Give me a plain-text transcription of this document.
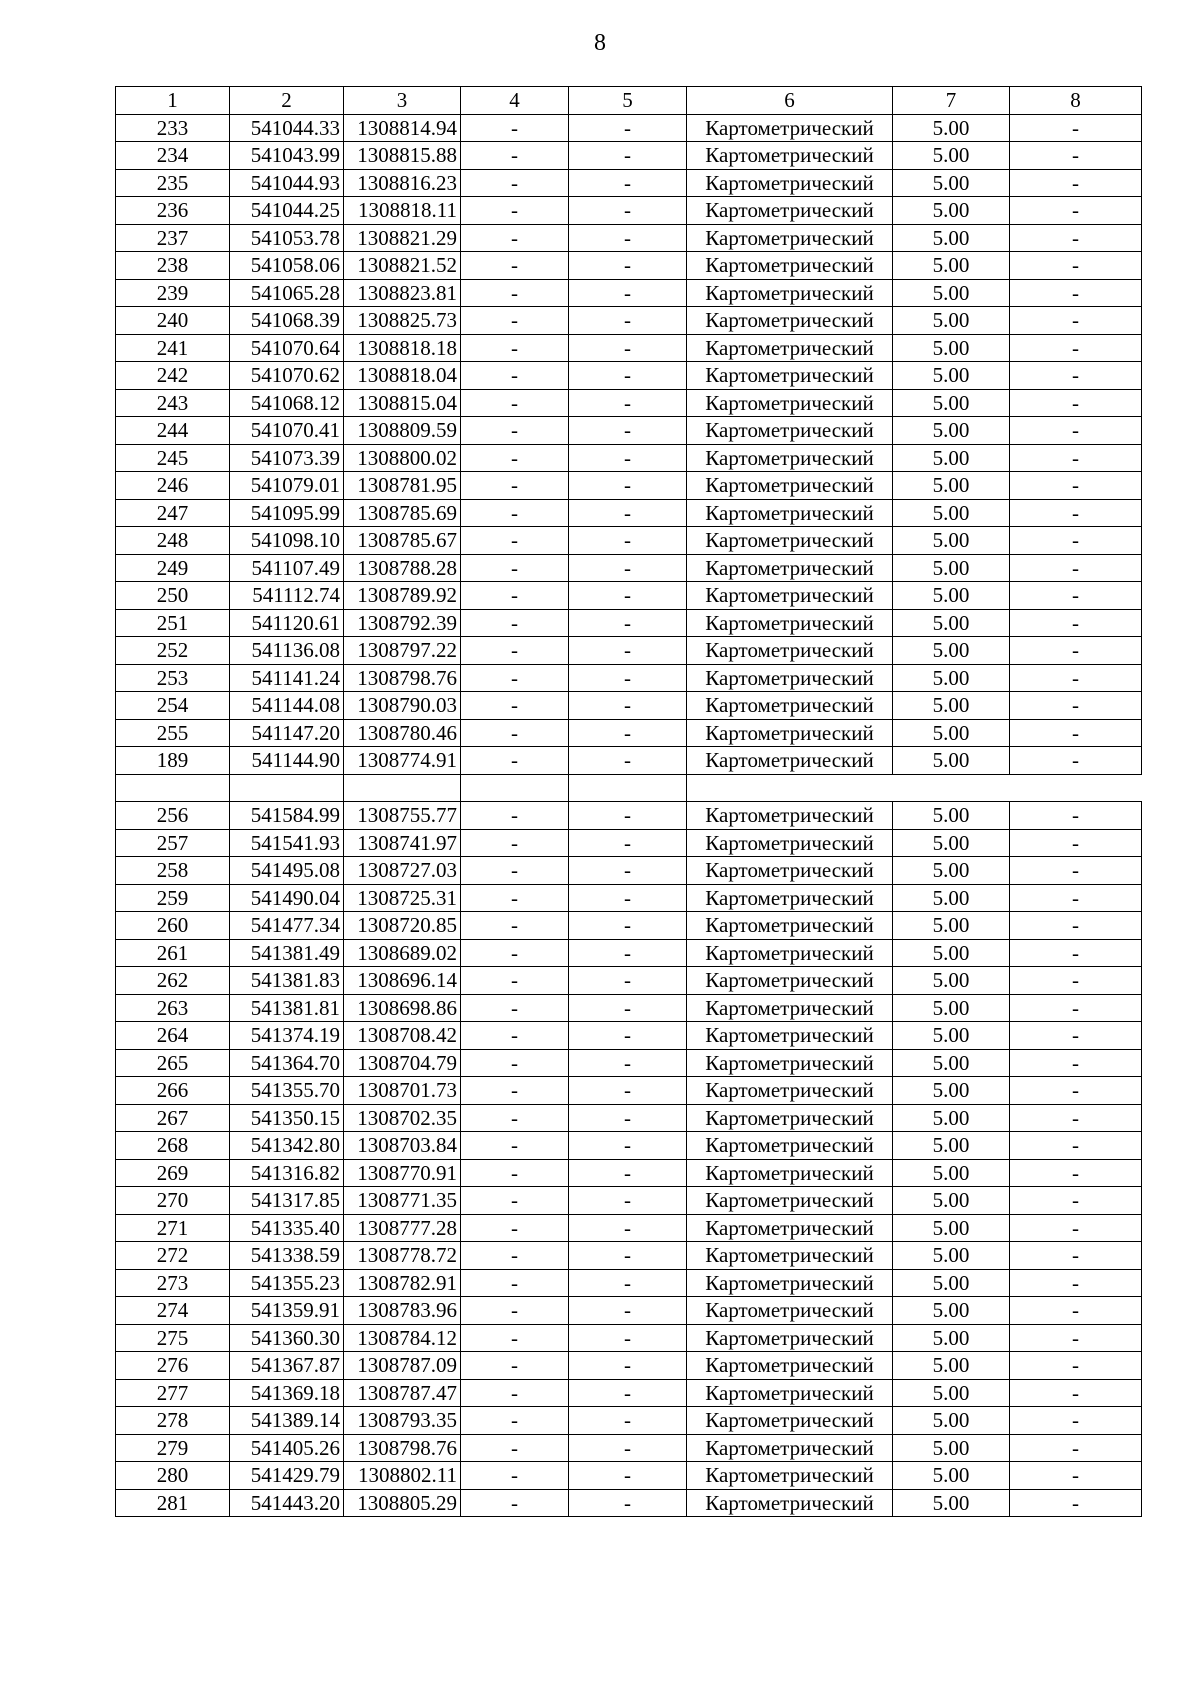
8
1	2	3	4	5	6	7	8
233	541044.33	1308814.94	-	-	Картометрический	5.00	-
234	541043.99	1308815.88	-	-	Картометрический	5.00	-
235	541044.93	1308816.23	-	-	Картометрический	5.00	-
236	541044.25	1308818.11	-	-	Картометрический	5.00	-
237	541053.78	1308821.29	-	-	Картометрический	5.00	-
238	541058.06	1308821.52	-	-	Картометрический	5.00	-
239	541065.28	1308823.81	-	-	Картометрический	5.00	-
240	541068.39	1308825.73	-	-	Картометрический	5.00	-
241	541070.64	1308818.18	-	-	Картометрический	5.00	-
242	541070.62	1308818.04	-	-	Картометрический	5.00	-
243	541068.12	1308815.04	-	-	Картометрический	5.00	-
244	541070.41	1308809.59	-	-	Картометрический	5.00	-
245	541073.39	1308800.02	-	-	Картометрический	5.00	-
246	541079.01	1308781.95	-	-	Картометрический	5.00	-
247	541095.99	1308785.69	-	-	Картометрический	5.00	-
248	541098.10	1308785.67	-	-	Картометрический	5.00	-
249	541107.49	1308788.28	-	-	Картометрический	5.00	-
250	541112.74	1308789.92	-	-	Картометрический	5.00	-
251	541120.61	1308792.39	-	-	Картометрический	5.00	-
252	541136.08	1308797.22	-	-	Картометрический	5.00	-
253	541141.24	1308798.76	-	-	Картометрический	5.00	-
254	541144.08	1308790.03	-	-	Картометрический	5.00	-
255	541147.20	1308780.46	-	-	Картометрический	5.00	-
189	541144.90	1308774.91	-	-	Картометрический	5.00	-

256	541584.99	1308755.77	-	-	Картометрический	5.00	-
257	541541.93	1308741.97	-	-	Картометрический	5.00	-
258	541495.08	1308727.03	-	-	Картометрический	5.00	-
259	541490.04	1308725.31	-	-	Картометрический	5.00	-
260	541477.34	1308720.85	-	-	Картометрический	5.00	-
261	541381.49	1308689.02	-	-	Картометрический	5.00	-
262	541381.83	1308696.14	-	-	Картометрический	5.00	-
263	541381.81	1308698.86	-	-	Картометрический	5.00	-
264	541374.19	1308708.42	-	-	Картометрический	5.00	-
265	541364.70	1308704.79	-	-	Картометрический	5.00	-
266	541355.70	1308701.73	-	-	Картометрический	5.00	-
267	541350.15	1308702.35	-	-	Картометрический	5.00	-
268	541342.80	1308703.84	-	-	Картометрический	5.00	-
269	541316.82	1308770.91	-	-	Картометрический	5.00	-
270	541317.85	1308771.35	-	-	Картометрический	5.00	-
271	541335.40	1308777.28	-	-	Картометрический	5.00	-
272	541338.59	1308778.72	-	-	Картометрический	5.00	-
273	541355.23	1308782.91	-	-	Картометрический	5.00	-
274	541359.91	1308783.96	-	-	Картометрический	5.00	-
275	541360.30	1308784.12	-	-	Картометрический	5.00	-
276	541367.87	1308787.09	-	-	Картометрический	5.00	-
277	541369.18	1308787.47	-	-	Картометрический	5.00	-
278	541389.14	1308793.35	-	-	Картометрический	5.00	-
279	541405.26	1308798.76	-	-	Картометрический	5.00	-
280	541429.79	1308802.11	-	-	Картометрический	5.00	-
281	541443.20	1308805.29	-	-	Картометрический	5.00	-
